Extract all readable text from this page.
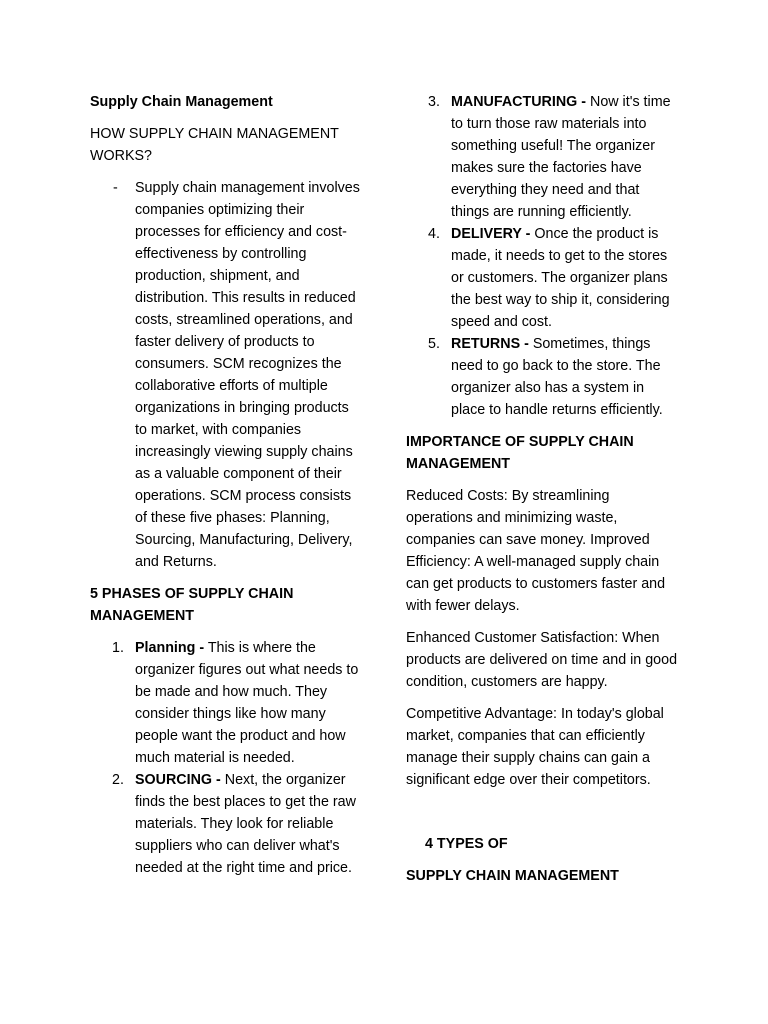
Supply Chain Management

HOW SUPPLY CHAIN MANAGEMENT WORKS?

- Supply chain management involves companies optimizing their processes for efficiency and cost-effectiveness by controlling production, shipment, and distribution. This results in reduced costs, streamlined operations, and faster delivery of products to consumers. SCM recognizes the collaborative efforts of multiple organizations in bringing products to market, with companies increasingly viewing supply chains as a valuable component of their operations. SCM process consists of these five phases: Planning, Sourcing, Manufacturing, Delivery, and Returns.

5 PHASES OF SUPPLY CHAIN MANAGEMENT

1. Planning - This is where the organizer figures out what needs to be made and how much. They consider things like how many people want the product and how much material is needed.
2. SOURCING - Next, the organizer finds the best places to get the raw materials. They look for reliable suppliers who can deliver what's needed at the right time and price.
3. MANUFACTURING - Now it's time to turn those raw materials into something useful! The organizer makes sure the factories have everything they need and that things are running efficiently.
4. DELIVERY - Once the product is made, it needs to get to the stores or customers. The organizer plans the best way to ship it, considering speed and cost.
5. RETURNS - Sometimes, things need to go back to the store. The organizer also has a system in place to handle returns efficiently.

IMPORTANCE OF SUPPLY CHAIN MANAGEMENT

Reduced Costs: By streamlining operations and minimizing waste, companies can save money. Improved Efficiency: A well-managed supply chain can get products to customers faster and with fewer delays.

Enhanced Customer Satisfaction: When products are delivered on time and in good condition, customers are happy.

Competitive Advantage: In today's global market, companies that can efficiently manage their supply chains can gain a significant edge over their competitors.

4 TYPES OF

SUPPLY CHAIN MANAGEMENT
